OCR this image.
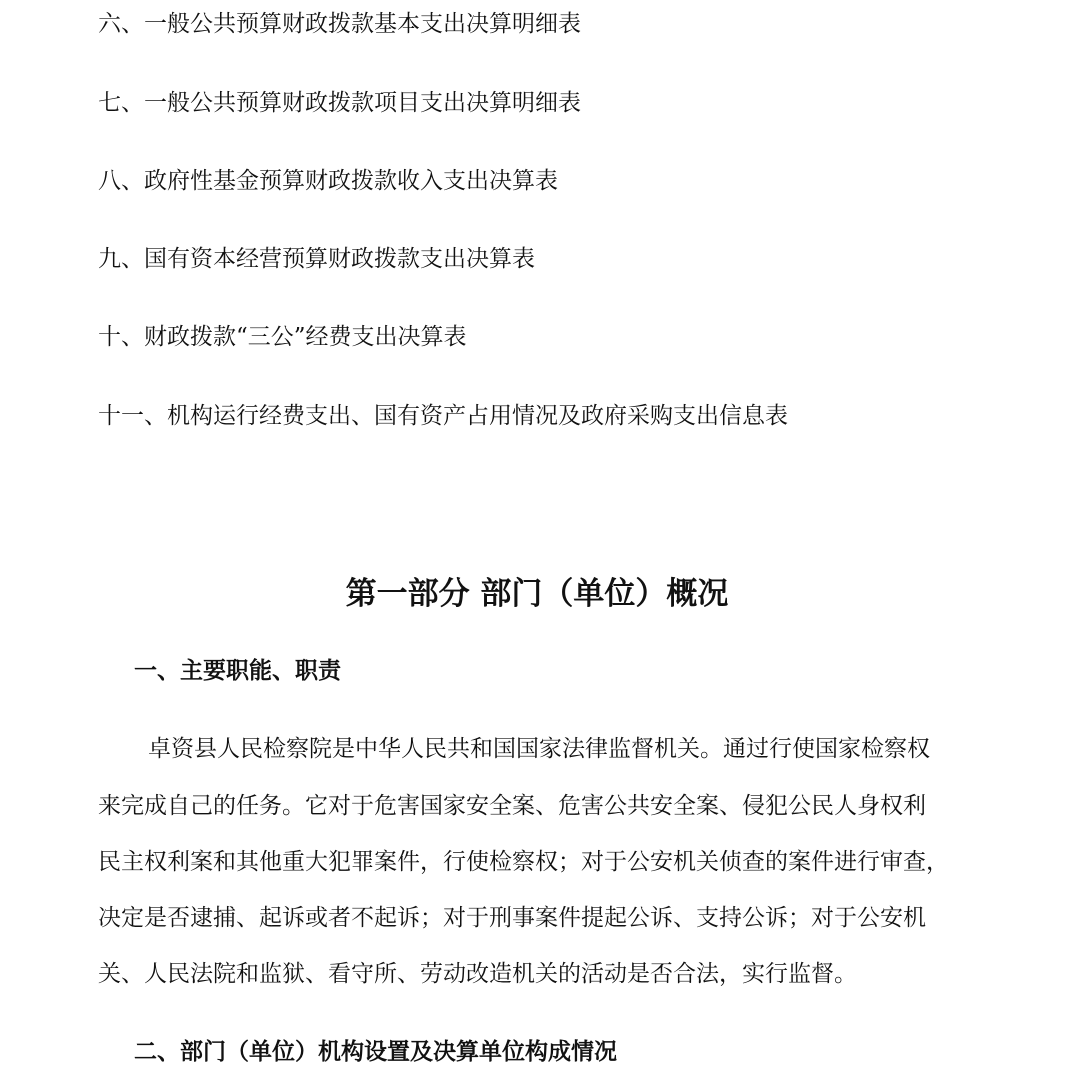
六、一般公共预算财政拨款基本支出决算明细表

七、一般公共预算财政拨款项目支出决算明细表

八、政府性基金预算财政拨款收入支出决算表

九、国有资本经营预算财政拨款支出决算表

十、财政拨款“三公”经费支出决算表

十一、机构运行经费支出、国有资产占用情况及政府采购支出信息表

第一部分 部门（单位）概况
一、主要职能、职责

卓资县人民检察院是中华人民共和国国家法律监督机关。通过行使国家检察权

来完成自己的任务。它对于危害国家安全案、危害公共安全案、侵犯公民人身权利

民主权利案和其他重大犯罪案件，行使检察权；对于公安机关侦查的案件进行审查，

决定是否逮捕、起诉或者不起诉；对于刑事案件提起公诉、支持公诉；对于公安机

关、人民法院和监狱、看守所、劳动改造机关的活动是否合法，实行监督。

二、部门（单位）机构设置及决算单位构成情况
